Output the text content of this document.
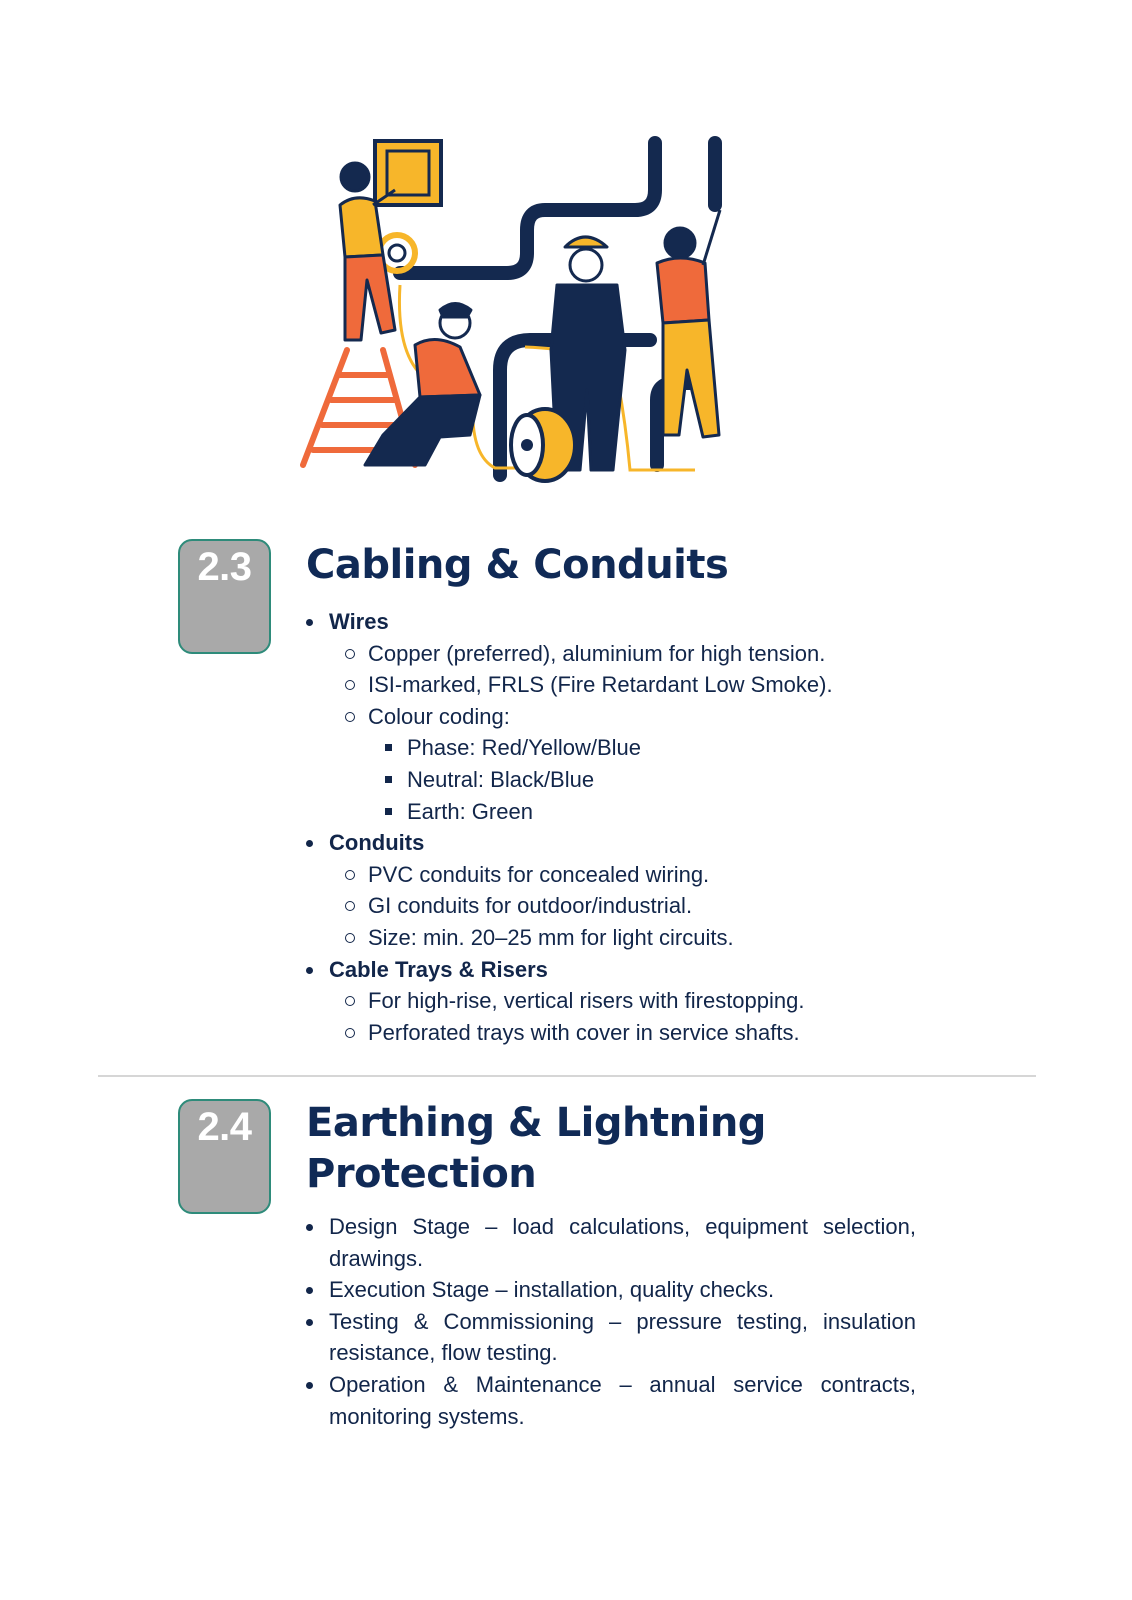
2.3	Cabling & Conduits
Wires
Copper (preferred), aluminium for high tension.
ISI-marked, FRLS (Fire Retardant Low Smoke).
Colour coding:
Phase: Red/Yellow/Blue
Neutral: Black/Blue
Earth: Green
Conduits
PVC conduits for concealed wiring.
GI conduits for outdoor/industrial.
Size: min. 20–25 mm for light circuits.
Cable Trays & Risers
For high-rise, vertical risers with firestopping.
Perforated trays with cover in service shafts.
2.4	Earthing & Lightning
Protection
Design Stage – load calculations, equipment selection, drawings.
Execution Stage – installation, quality checks.
Testing & Commissioning – pressure testing, insulation resistance, flow testing.
Operation & Maintenance – annual service contracts, monitoring systems.
